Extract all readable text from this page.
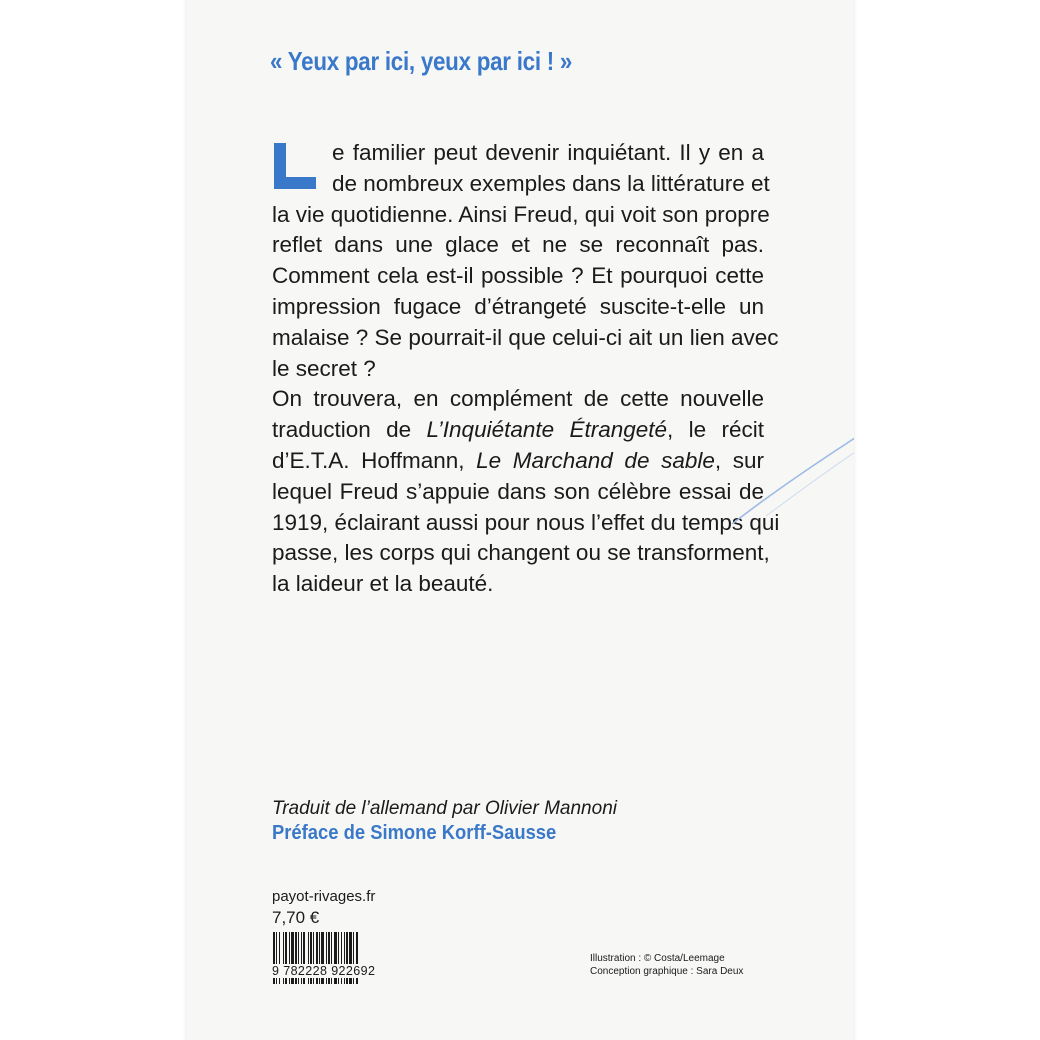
« Yeux par ici, yeux par ici ! »
e familier peut devenir inquiétant. Il y en a
de nombreux exemples dans la littérature et
la vie quotidienne. Ainsi Freud, qui voit son propre
reflet dans une glace et ne se reconnaît pas.
Comment cela est-il possible ? Et pourquoi cette
impression fugace d’étrangeté suscite-t-elle un
malaise ? Se pourrait-il que celui-ci ait un lien avec
le secret ?
On trouvera, en complément de cette nouvelle
traduction de L’Inquiétante Étrangeté, le récit
d’E.T.A. Hoffmann, Le Marchand de sable, sur
lequel Freud s’appuie dans son célèbre essai de
1919, éclairant aussi pour nous l’effet du temps qui
passe, les corps qui changent ou se transforment,
la laideur et la beauté.
Traduit de l’allemand par Olivier Mannoni
Préface de Simone Korff-Sausse
payot-rivages.fr
7,70 €
9 782228 922692
Illustration : © Costa/Leemage
Conception graphique : Sara Deux
